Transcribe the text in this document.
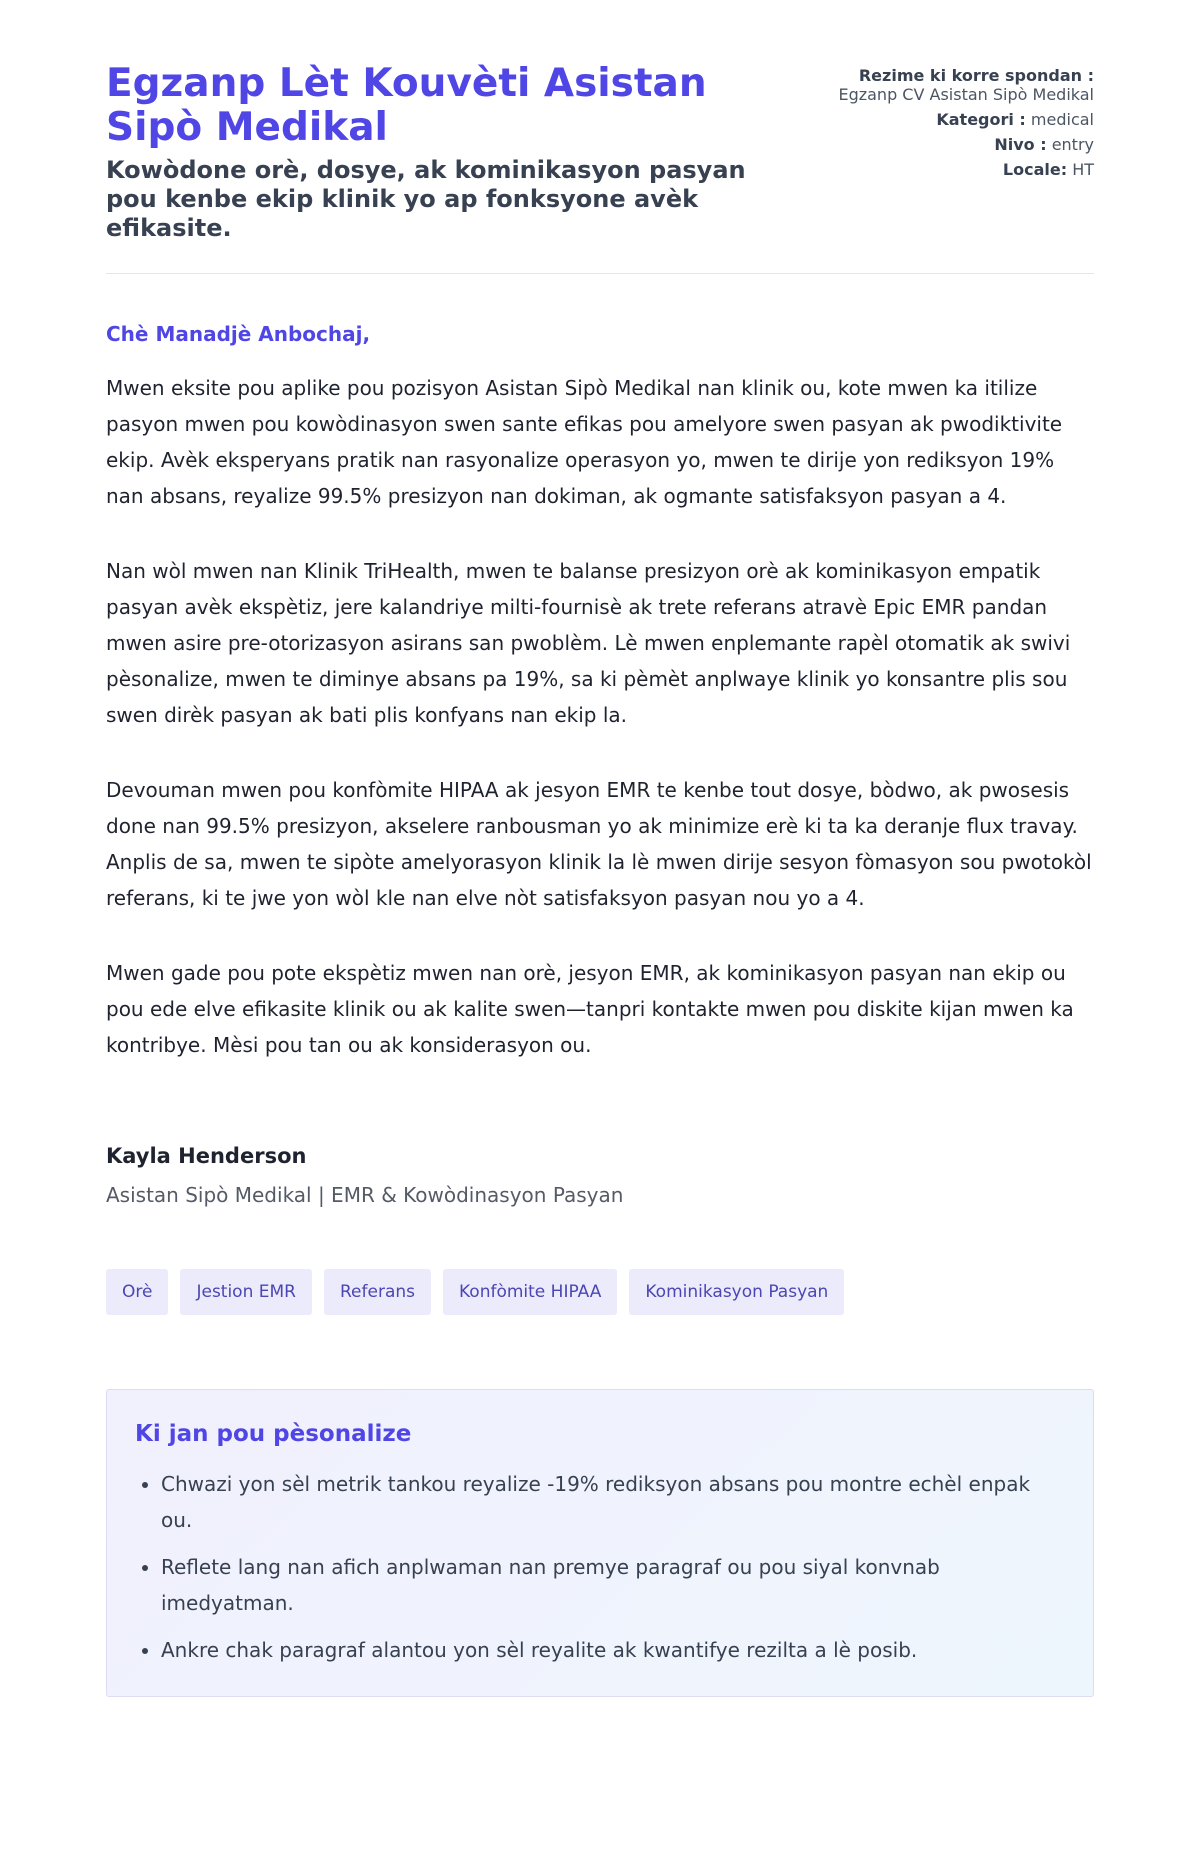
Egzanp Lèt Kouvèti Asistan Sipò Medikal
Kowòdone orè, dosye, ak kominikasyon pasyan pou kenbe ekip klinik yo ap fonksyone avèk efikasite.
Rezime ki korre spondan :
Egzanp CV Asistan Sipò Medikal
Kategori : medical
Nivo : entry
Locale: HT
Chè Manadjè Anbochaj,

Mwen eksite pou aplike pou pozisyon Asistan Sipò Medikal nan klinik ou, kote mwen ka itilize pasyon mwen pou kowòdinasyon swen sante efikas pou amelyore swen pasyan ak pwodiktivite ekip. Avèk eksperyans pratik nan rasyonalize operasyon yo, mwen te dirije yon rediksyon 19% nan absans, reyalize 99.5% presizyon nan dokiman, ak ogmante satisfaksyon pasyan a 4.

Nan wòl mwen nan Klinik TriHealth, mwen te balanse presizyon orè ak kominikasyon empatik pasyan avèk ekspètiz, jere kalandriye milti-fournisè ak trete referans atravè Epic EMR pandan mwen asire pre-otorizasyon asirans san pwoblèm. Lè mwen enplemante rapèl otomatik ak swivi pèsonalize, mwen te diminye absans pa 19%, sa ki pèmèt anplwaye klinik yo konsantre plis sou swen dirèk pasyan ak bati plis konfyans nan ekip la.

Devouman mwen pou konfòmite HIPAA ak jesyon EMR te kenbe tout dosye, bòdwo, ak pwosesis done nan 99.5% presizyon, akselere ranbousman yo ak minimize erè ki ta ka deranje flux travay. Anplis de sa, mwen te sipòte amelyorasyon klinik la lè mwen dirije sesyon fòmasyon sou pwotokòl referans, ki te jwe yon wòl kle nan elve nòt satisfaksyon pasyan nou yo a 4.

Mwen gade pou pote ekspètiz mwen nan orè, jesyon EMR, ak kominikasyon pasyan nan ekip ou pou ede elve efikasite klinik ou ak kalite swen—tanpri kontakte mwen pou diskite kijan mwen ka kontribye. Mèsi pou tan ou ak konsiderasyon ou.

Kayla Henderson
Asistan Sipò Medikal | EMR & Kowòdinasyon Pasyan
Orè	Jestion EMR	Referans	Konfòmite HIPAA	Kominikasyon Pasyan
Ki jan pou pèsonalize
• Chwazi yon sèl metrik tankou reyalize -19% rediksyon absans pou montre echèl enpak ou.
• Reflete lang nan afich anplwaman nan premye paragraf ou pou siyal konvnab imedyatman.
• Ankre chak paragraf alantou yon sèl reyalite ak kwantifye rezilta a lè posib.
